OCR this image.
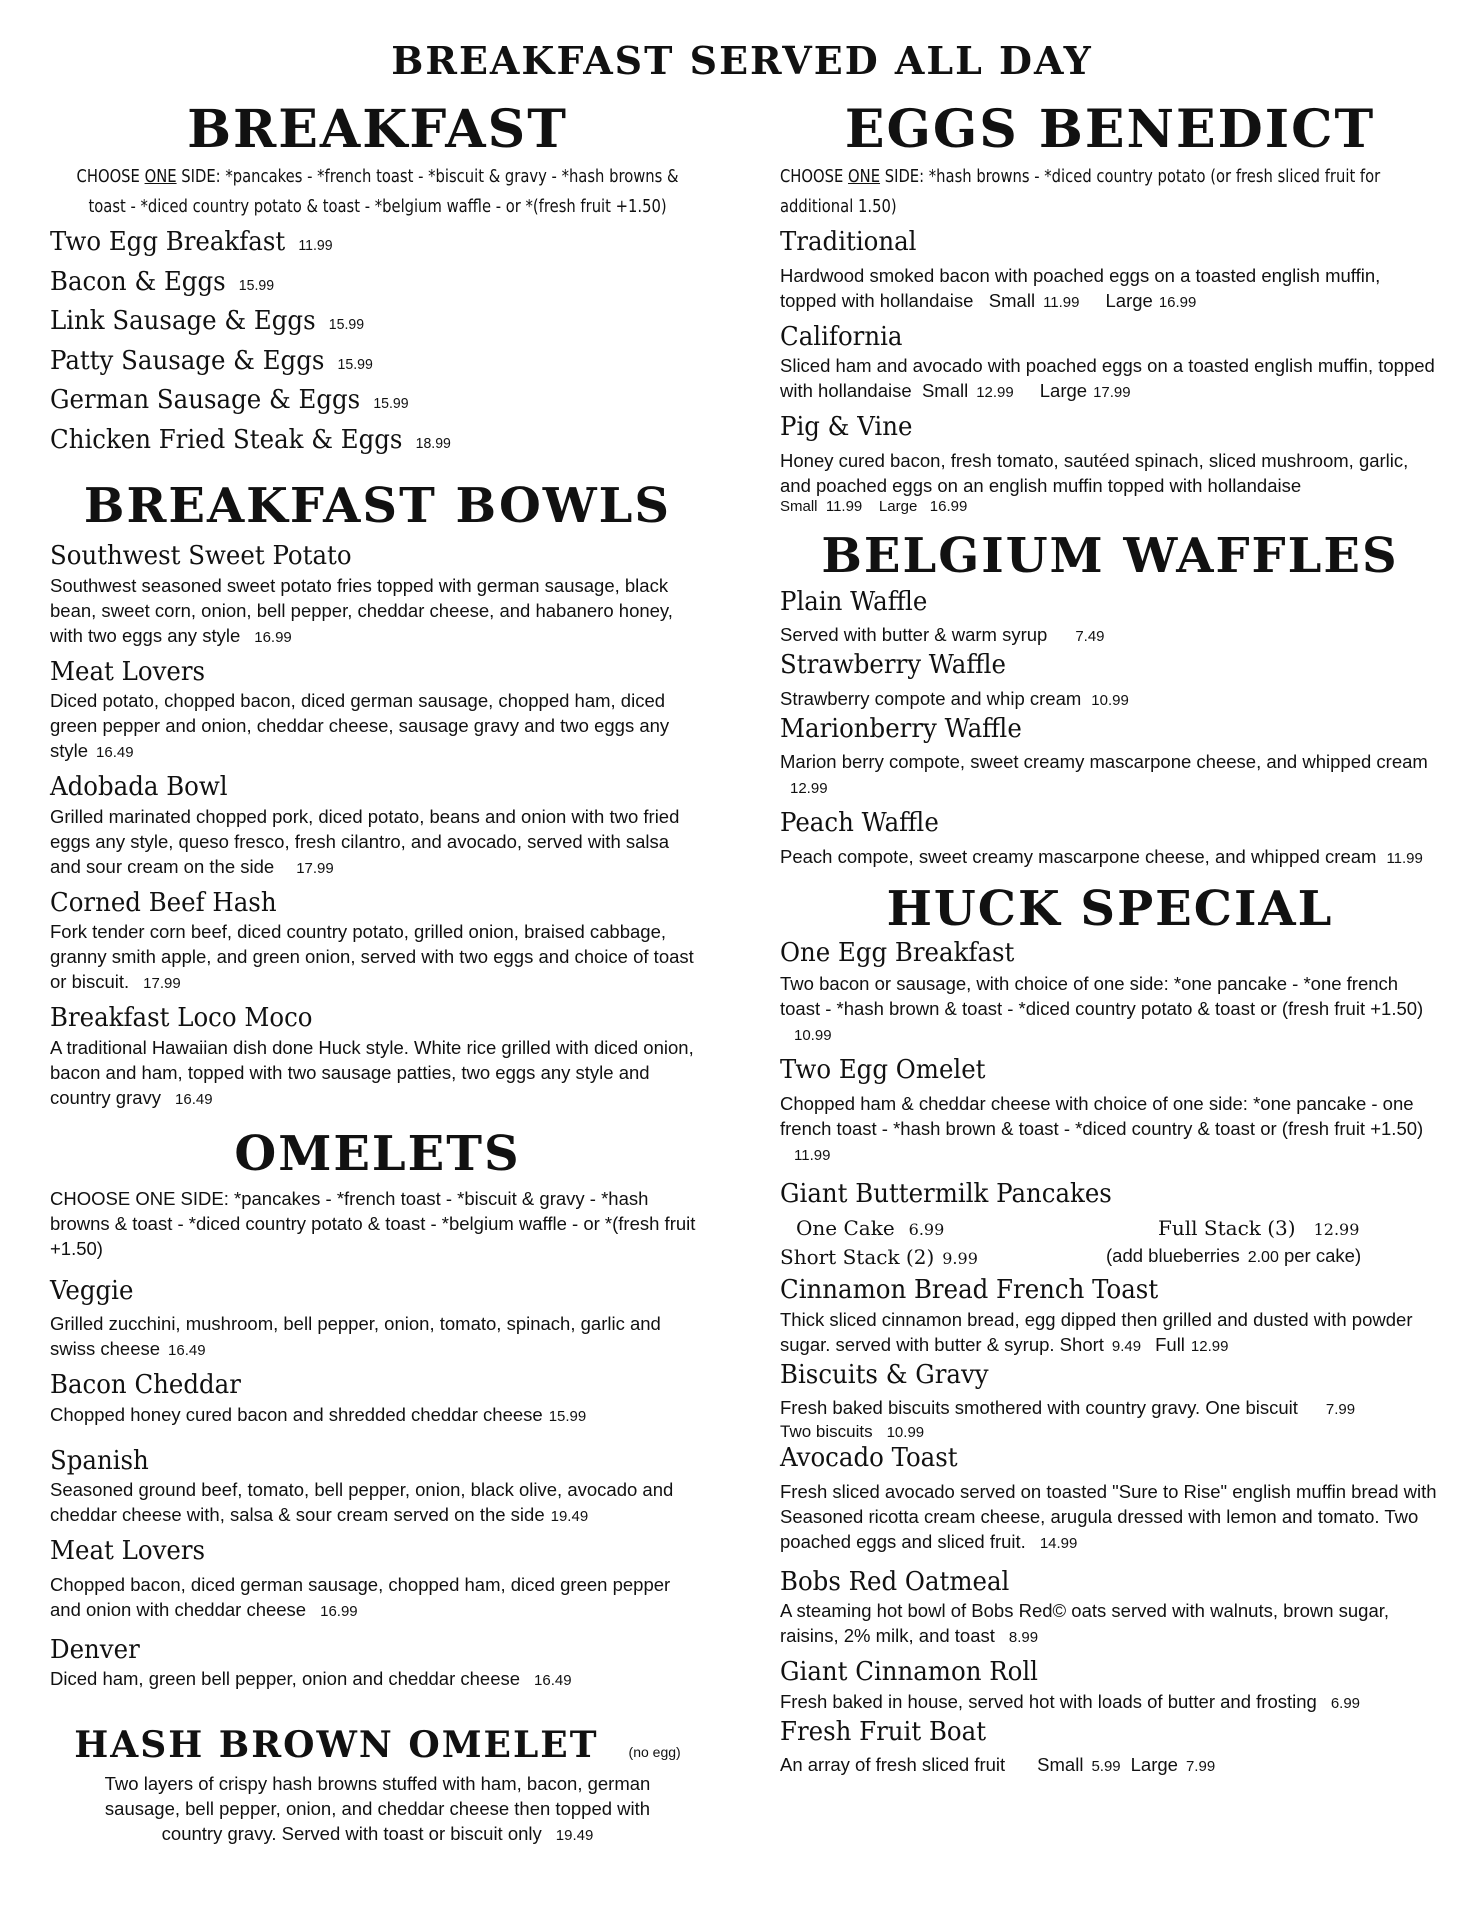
BREAKFAST SERVED ALL DAY
BREAKFAST
CHOOSE ONE SIDE: *pancakes - *french toast - *biscuit & gravy - *hash browns &
toast - *diced country potato & toast - *belgium waffle - or *(fresh fruit +1.50)
Two Egg Breakfast 11.99
Bacon & Eggs 15.99
Link Sausage & Eggs 15.99
Patty Sausage & Eggs 15.99
German Sausage & Eggs 15.99
Chicken Fried Steak & Eggs 18.99
BREAKFAST BOWLS
Southwest Sweet Potato
Southwest seasoned sweet potato fries topped with german sausage, black bean, sweet corn, onion, bell pepper, cheddar cheese, and habanero honey, with two eggs any style 16.99
Meat Lovers
Diced potato, chopped bacon, diced german sausage, chopped ham, diced green pepper and onion, cheddar cheese, sausage gravy and two eggs any style 16.49
Adobada Bowl
Grilled marinated chopped pork, diced potato, beans and onion with two fried eggs any style, queso fresco, fresh cilantro, and avocado, served with salsa and sour cream on the side 17.99
Corned Beef Hash
Fork tender corn beef, diced country potato, grilled onion, braised cabbage, granny smith apple, and green onion, served with two eggs and choice of toast or biscuit. 17.99
Breakfast Loco Moco
A traditional Hawaiian dish done Huck style. White rice grilled with diced onion, bacon and ham, topped with two sausage patties, two eggs any style and country gravy 16.49
OMELETS
CHOOSE ONE SIDE: *pancakes - *french toast - *biscuit & gravy - *hash browns & toast - *diced country potato & toast - *belgium waffle - or *(fresh fruit +1.50)
Veggie
Grilled zucchini, mushroom, bell pepper, onion, tomato, spinach, garlic and swiss cheese 16.49
Bacon Cheddar
Chopped honey cured bacon and shredded cheddar cheese 15.99
Spanish
Seasoned ground beef, tomato, bell pepper, onion, black olive, avocado and cheddar cheese with, salsa & sour cream served on the side 19.49
Meat Lovers
Chopped bacon, diced german sausage, chopped ham, diced green pepper and onion with cheddar cheese 16.99
Denver
Diced ham, green bell pepper, onion and cheddar cheese 16.49
HASH BROWN OMELET (no egg)
Two layers of crispy hash browns stuffed with ham, bacon, german sausage, bell pepper, onion, and cheddar cheese then topped with country gravy. Served with toast or biscuit only 19.49
EGGS BENEDICT
CHOOSE ONE SIDE: *hash browns - *diced country potato (or fresh sliced fruit for additional 1.50)
Traditional
Hardwood smoked bacon with poached eggs on a toasted english muffin, topped with hollandaise Small 11.99 Large 16.99
California
Sliced ham and avocado with poached eggs on a toasted english muffin, topped with hollandaise Small 12.99 Large 17.99
Pig & Vine
Honey cured bacon, fresh tomato, sautéed spinach, sliced mushroom, garlic, and poached eggs on an english muffin topped with hollandaise
Small  11.99    Large   16.99
BELGIUM WAFFLES
Plain Waffle
Served with butter & warm syrup 7.49
Strawberry Waffle
Strawberry compote and whip cream 10.99
Marionberry Waffle
Marion berry compote, sweet creamy mascarpone cheese, and whipped cream12.99
Peach Waffle
Peach compote, sweet creamy mascarpone cheese, and whipped cream 11.99
HUCK SPECIAL
One Egg Breakfast
Two bacon or sausage, with choice of one side: *one pancake - *one french toast - *hash brown & toast - *diced country potato & toast or (fresh fruit +1.50)10.99
Two Egg Omelet
Chopped ham & cheddar cheese with choice of one side: *one pancake - one french toast - *hash brown & toast - *diced country & toast or (fresh fruit +1.50)11.99
Giant Buttermilk Pancakes
One Cake 6.99	Full Stack (3) 12.99
Short Stack (2) 9.99	(add blueberries 2.00 per cake)
Cinnamon Bread French Toast
Thick sliced cinnamon bread, egg dipped then grilled and dusted with powder sugar. served with butter & syrup. Short 9.49 Full 12.99
Biscuits & Gravy
Fresh baked biscuits smothered with country gravy. One biscuit 7.99
Two biscuits 10.99
Avocado Toast
Fresh sliced avocado served on toasted "Sure to Rise" english muffin bread with Seasoned ricotta cream cheese, arugula dressed with lemon and tomato. Two poached eggs and sliced fruit. 14.99
Bobs Red Oatmeal
A steaming hot bowl of Bobs Red© oats served with walnuts, brown sugar, raisins, 2% milk, and toast 8.99
Giant Cinnamon Roll
Fresh baked in house, served hot with loads of butter and frosting 6.99
Fresh Fruit Boat
An array of fresh sliced fruit Small 5.99 Large 7.99
